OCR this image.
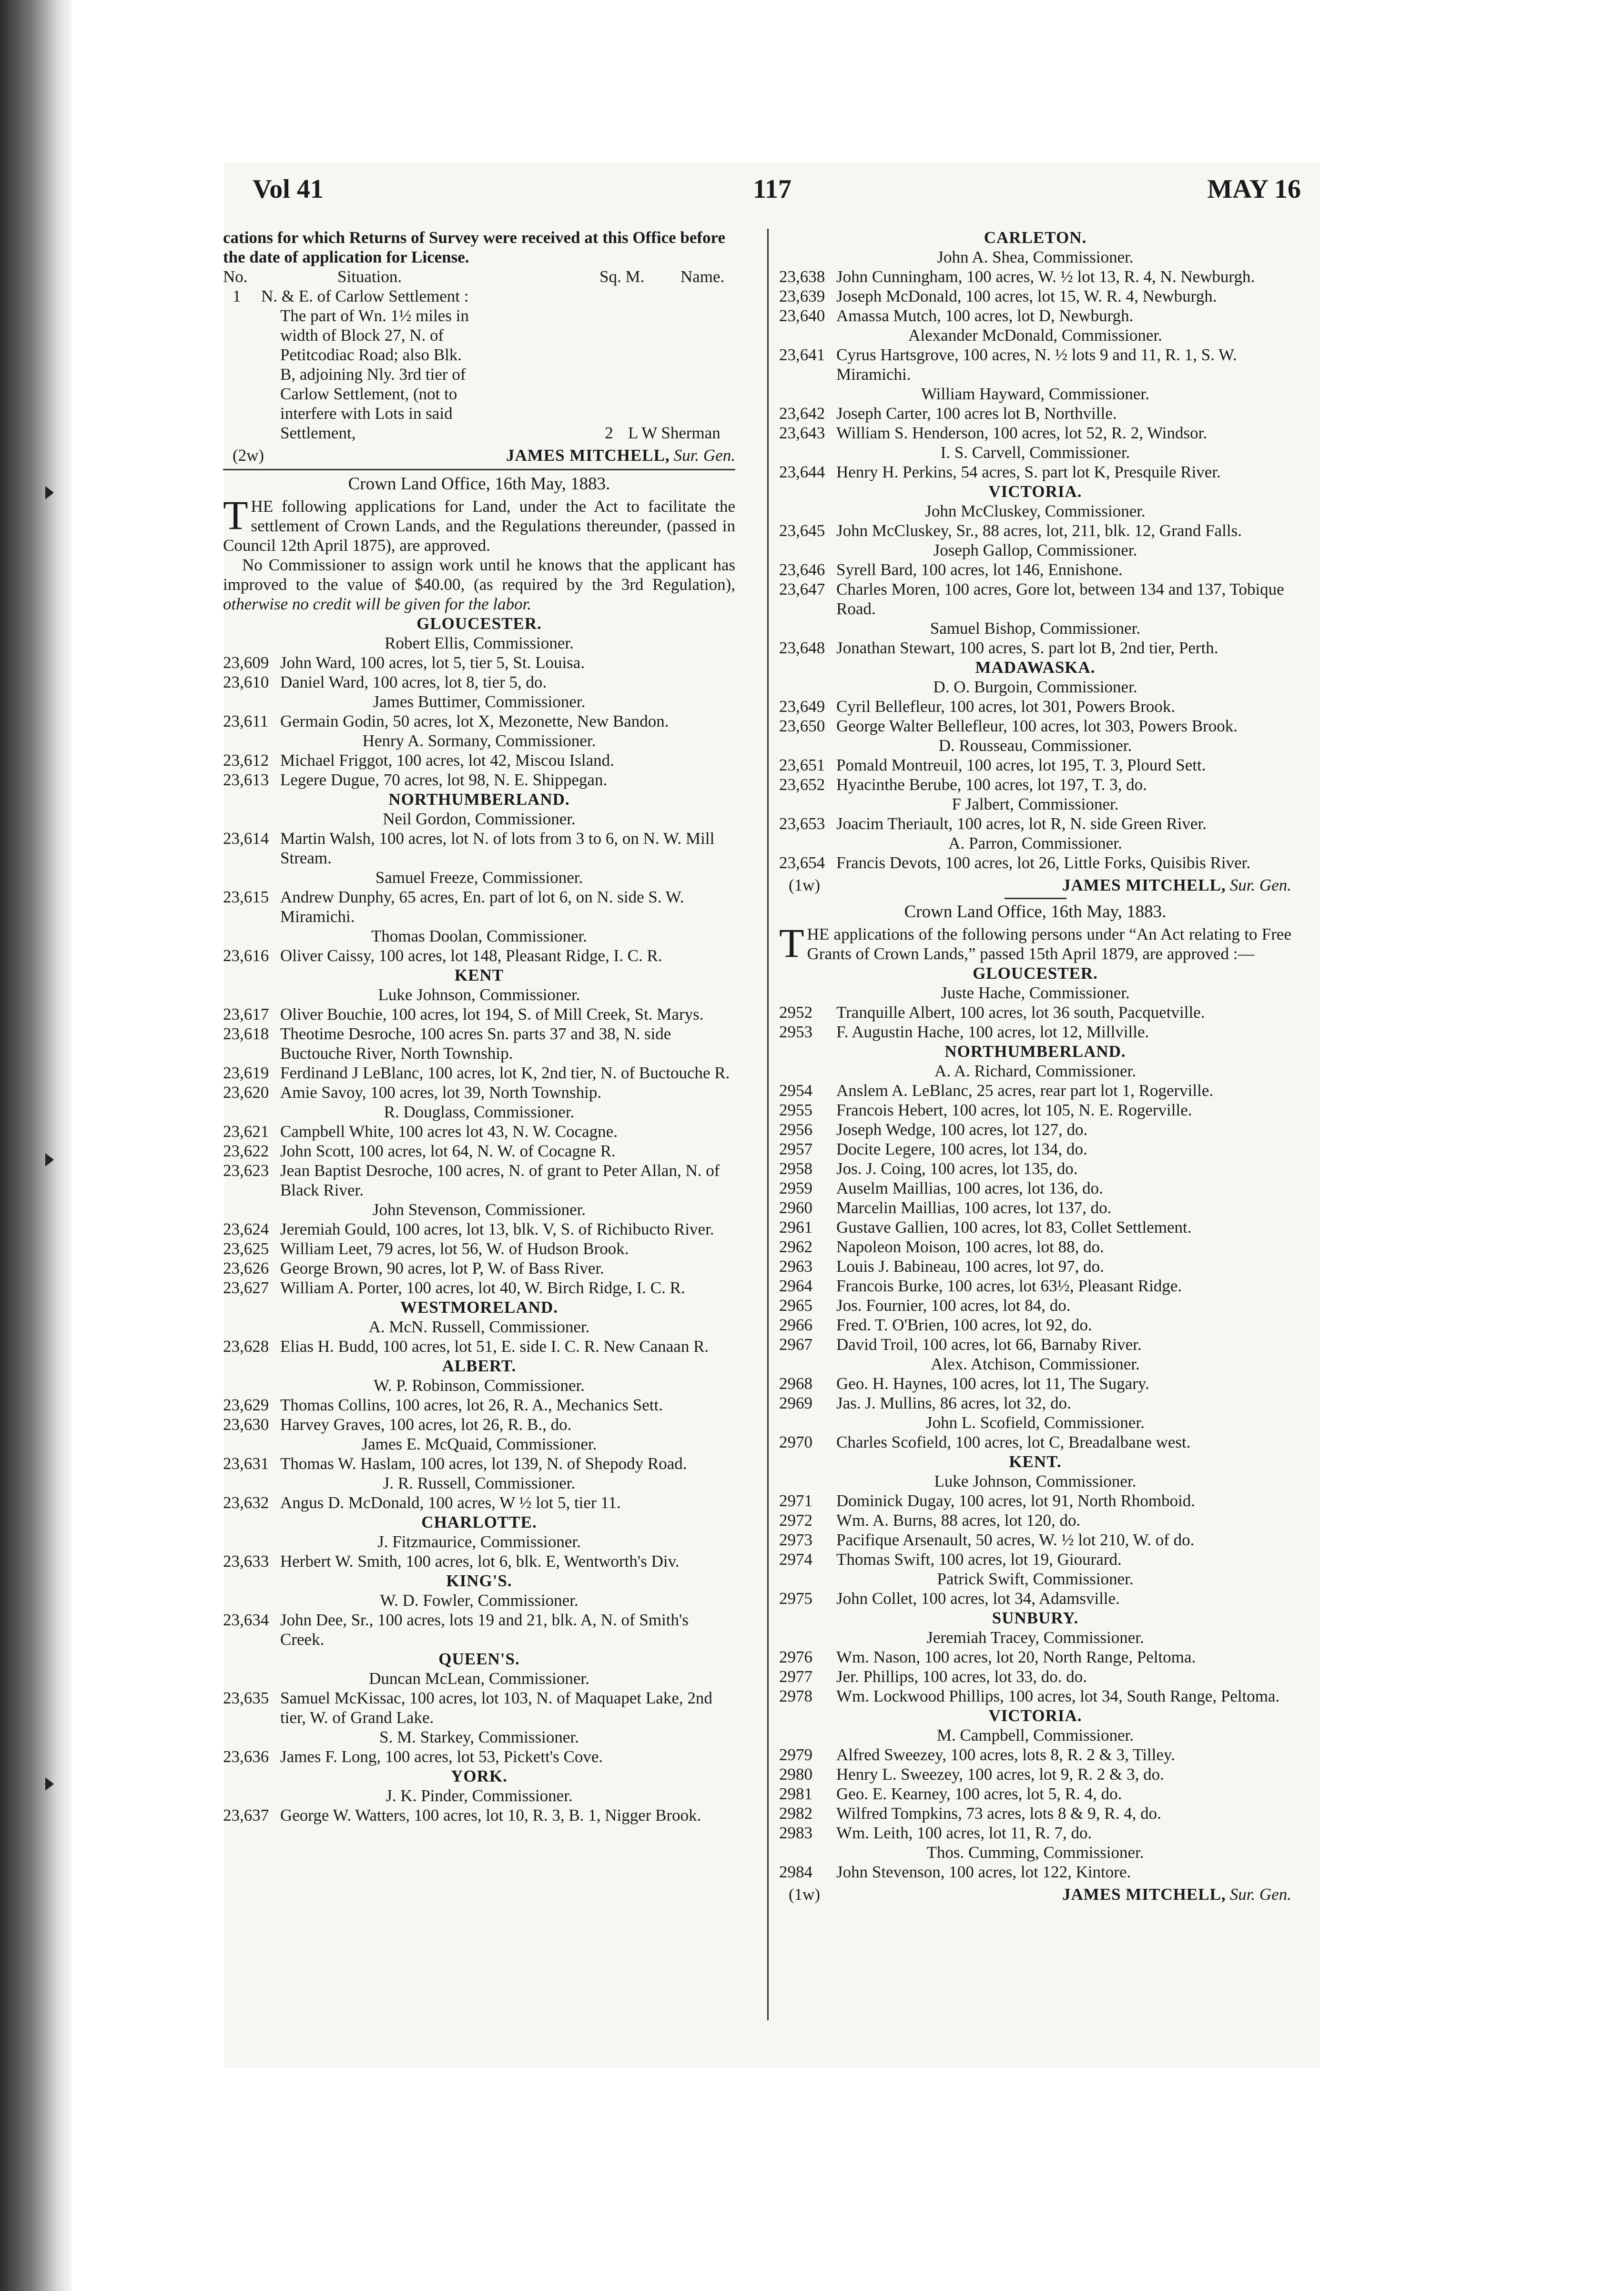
Vol 41	117	MAY 16
cations for which Returns of Survey were received at this Office before the date of application for License.
No.	Situation.	Sq. M.	Name.
1	N. & E. of Carlow Settlement :
The part of Wn. 1½ miles in
width of Block 27, N. of
Petitcodiac Road; also Blk.
B, adjoining Nly. 3rd tier of
Carlow Settlement, (not to
interfere with Lots in said
Settlement,	2 L W Sherman
(2w)	JAMES MITCHELL, Sur. Gen.
Crown Land Office, 16th May, 1883.
THE following applications for Land, under the Act to facilitate the settlement of Crown Lands, and the Regulations thereunder, (passed in Council 12th April 1875), are approved.
No Commissioner to assign work until he knows that the applicant has improved to the value of $40.00, (as required by the 3rd Regulation), otherwise no credit will be given for the labor.
GLOUCESTER.
Robert Ellis, Commissioner.
23,609 John Ward, 100 acres, lot 5, tier 5, St. Louisa.
23,610 Daniel Ward, 100 acres, lot 8, tier 5, do.
James Buttimer, Commissioner.
23,611 Germain Godin, 50 acres, lot X, Mezonette, New Bandon.
Henry A. Sormany, Commissioner.
23,612 Michael Friggot, 100 acres, lot 42, Miscou Island.
23,613 Legere Dugue, 70 acres, lot 98, N. E. Shippegan.
NORTHUMBERLAND.
Neil Gordon, Commissioner.
23,614 Martin Walsh, 100 acres, lot N. of lots from 3 to 6, on N. W. Mill Stream.
Samuel Freeze, Commissioner.
23,615 Andrew Dunphy, 65 acres, En. part of lot 6, on N. side S. W. Miramichi.
Thomas Doolan, Commissioner.
23,616 Oliver Caissy, 100 acres, lot 148, Pleasant Ridge, I. C. R.
KENT
Luke Johnson, Commissioner.
23,617 Oliver Bouchie, 100 acres, lot 194, S. of Mill Creek, St. Marys.
23,618 Theotime Desroche, 100 acres Sn. parts 37 and 38, N. side Buctouche River, North Township.
23,619 Ferdinand J LeBlanc, 100 acres, lot K, 2nd tier, N. of Buctouche R.
23,620 Amie Savoy, 100 acres, lot 39, North Township.
R. Douglass, Commissioner.
23,621 Campbell White, 100 acres lot 43, N. W. Cocagne.
23,622 John Scott, 100 acres, lot 64, N. W. of Cocagne R.
23,623 Jean Baptist Desroche, 100 acres, N. of grant to Peter Allan, N. of Black River.
John Stevenson, Commissioner.
23,624 Jeremiah Gould, 100 acres, lot 13, blk. V, S. of Richibucto River.
23,625 William Leet, 79 acres, lot 56, W. of Hudson Brook.
23,626 George Brown, 90 acres, lot P, W. of Bass River.
23,627 William A. Porter, 100 acres, lot 40, W. Birch Ridge, I. C. R.
WESTMORELAND.
A. McN. Russell, Commissioner.
23,628 Elias H. Budd, 100 acres, lot 51, E. side I. C. R. New Canaan R.
ALBERT.
W. P. Robinson, Commissioner.
23,629 Thomas Collins, 100 acres, lot 26, R. A., Mechanics Sett.
23,630 Harvey Graves, 100 acres, lot 26, R. B., do.
James E. McQuaid, Commissioner.
23,631 Thomas W. Haslam, 100 acres, lot 139, N. of Shepody Road.
J. R. Russell, Commissioner.
23,632 Angus D. McDonald, 100 acres, W ½ lot 5, tier 11.
CHARLOTTE.
J. Fitzmaurice, Commissioner.
23,633 Herbert W. Smith, 100 acres, lot 6, blk. E, Wentworth's Div.
KING'S.
W. D. Fowler, Commissioner.
23,634 John Dee, Sr., 100 acres, lots 19 and 21, blk. A, N. of Smith's Creek.
QUEEN'S.
Duncan McLean, Commissioner.
23,635 Samuel McKissac, 100 acres, lot 103, N. of Maquapet Lake, 2nd tier, W. of Grand Lake.
S. M. Starkey, Commissioner.
23,636 James F. Long, 100 acres, lot 53, Pickett's Cove.
YORK.
J. K. Pinder, Commissioner.
23,637 George W. Watters, 100 acres, lot 10, R. 3, B. 1, Nigger Brook.
CARLETON.
John A. Shea, Commissioner.
23,638 John Cunningham, 100 acres, W. ½ lot 13, R. 4, N. Newburgh.
23,639 Joseph McDonald, 100 acres, lot 15, W. R. 4, Newburgh.
23,640 Amassa Mutch, 100 acres, lot D, Newburgh.
Alexander McDonald, Commissioner.
23,641 Cyrus Hartsgrove, 100 acres, N. ½ lots 9 and 11, R. 1, S. W. Miramichi.
William Hayward, Commissioner.
23,642 Joseph Carter, 100 acres lot B, Northville.
23,643 William S. Henderson, 100 acres, lot 52, R. 2, Windsor.
I. S. Carvell, Commissioner.
23,644 Henry H. Perkins, 54 acres, S. part lot K, Presquile River.
VICTORIA.
John McCluskey, Commissioner.
23,645 John McCluskey, Sr., 88 acres, lot, 211, blk. 12, Grand Falls.
Joseph Gallop, Commissioner.
23,646 Syrell Bard, 100 acres, lot 146, Ennishone.
23,647 Charles Moren, 100 acres, Gore lot, between 134 and 137, Tobique Road.
Samuel Bishop, Commissioner.
23,648 Jonathan Stewart, 100 acres, S. part lot B, 2nd tier, Perth.
MADAWASKA.
D. O. Burgoin, Commissioner.
23,649 Cyril Bellefleur, 100 acres, lot 301, Powers Brook.
23,650 George Walter Bellefleur, 100 acres, lot 303, Powers Brook.
D. Rousseau, Commissioner.
23,651 Pomald Montreuil, 100 acres, lot 195, T. 3, Plourd Sett.
23,652 Hyacinthe Berube, 100 acres, lot 197, T. 3, do.
F Jalbert, Commissioner.
23,653 Joacim Theriault, 100 acres, lot R, N. side Green River.
A. Parron, Commissioner.
23,654 Francis Devots, 100 acres, lot 26, Little Forks, Quisibis River.
(1w)	JAMES MITCHELL, Sur. Gen.
Crown Land Office, 16th May, 1883.
THE applications of the following persons under “An Act relating to Free Grants of Crown Lands,” passed 15th April 1879, are approved :—
GLOUCESTER.
Juste Hache, Commissioner.
2952	Tranquille Albert, 100 acres, lot 36 south, Pacquetville.
2953	F. Augustin Hache, 100 acres, lot 12, Millville.
NORTHUMBERLAND.
A. A. Richard, Commissioner.
2954	Anslem A. LeBlanc, 25 acres, rear part lot 1, Rogerville.
2955	Francois Hebert, 100 acres, lot 105, N. E. Rogerville.
2956	Joseph Wedge, 100 acres, lot 127, do.
2957	Docite Legere, 100 acres, lot 134, do.
2958	Jos. J. Coing, 100 acres, lot 135, do.
2959	Auselm Maillias, 100 acres, lot 136, do.
2960	Marcelin Maillias, 100 acres, lot 137, do.
2961	Gustave Gallien, 100 acres, lot 83, Collet Settlement.
2962	Napoleon Moison, 100 acres, lot 88, do.
2963	Louis J. Babineau, 100 acres, lot 97, do.
2964	Francois Burke, 100 acres, lot 63½, Pleasant Ridge.
2965	Jos. Fournier, 100 acres, lot 84, do.
2966	Fred. T. O'Brien, 100 acres, lot 92, do.
2967	David Troil, 100 acres, lot 66, Barnaby River.
Alex. Atchison, Commissioner.
2968	Geo. H. Haynes, 100 acres, lot 11, The Sugary.
2969	Jas. J. Mullins, 86 acres, lot 32, do.
John L. Scofield, Commissioner.
2970	Charles Scofield, 100 acres, lot C, Breadalbane west.
KENT.
Luke Johnson, Commissioner.
2971	Dominick Dugay, 100 acres, lot 91, North Rhomboid.
2972	Wm. A. Burns, 88 acres, lot 120, do.
2973	Pacifique Arsenault, 50 acres, W. ½ lot 210, W. of do.
2974	Thomas Swift, 100 acres, lot 19, Giourard.
Patrick Swift, Commissioner.
2975	John Collet, 100 acres, lot 34, Adamsville.
SUNBURY.
Jeremiah Tracey, Commissioner.
2976	Wm. Nason, 100 acres, lot 20, North Range, Peltoma.
2977	Jer. Phillips, 100 acres, lot 33, do. do.
2978	Wm. Lockwood Phillips, 100 acres, lot 34, South Range, Peltoma.
VICTORIA.
M. Campbell, Commissioner.
2979	Alfred Sweezey, 100 acres, lots 8, R. 2 & 3, Tilley.
2980	Henry L. Sweezey, 100 acres, lot 9, R. 2 & 3, do.
2981	Geo. E. Kearney, 100 acres, lot 5, R. 4, do.
2982	Wilfred Tompkins, 73 acres, lots 8 & 9, R. 4, do.
2983	Wm. Leith, 100 acres, lot 11, R. 7, do.
Thos. Cumming, Commissioner.
2984	John Stevenson, 100 acres, lot 122, Kintore.
(1w)	JAMES MITCHELL, Sur. Gen.
